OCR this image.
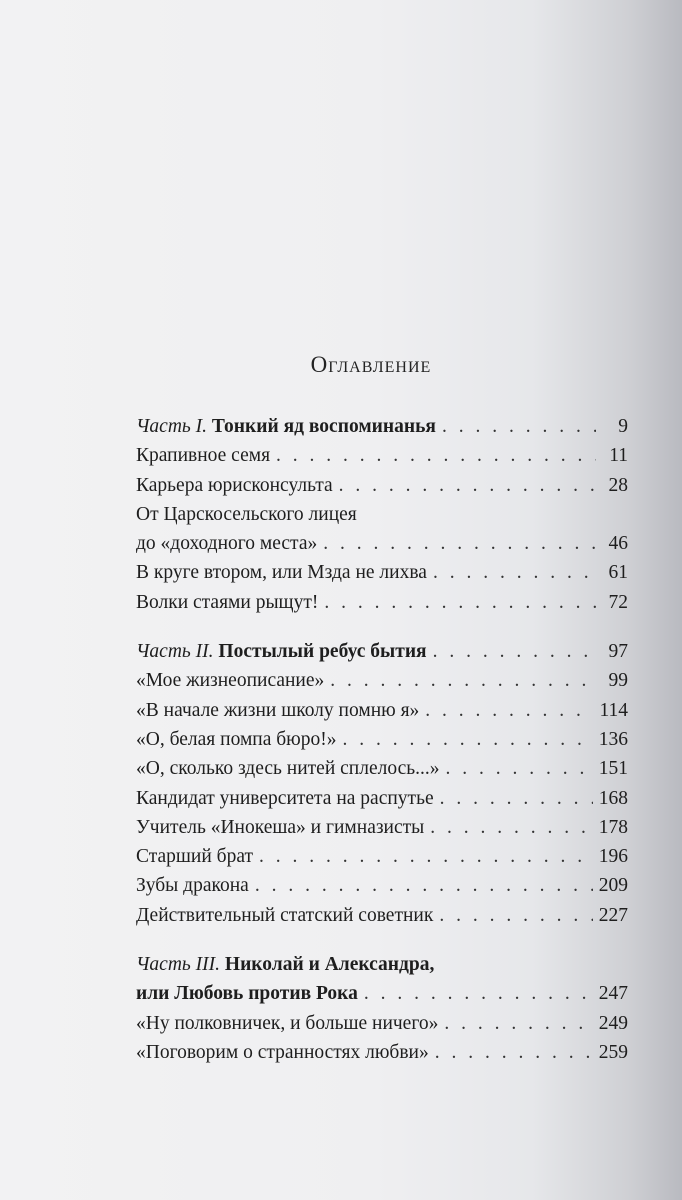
Оглавление
Часть I. Тонкий яд воспоминанья . . .	9
Крапивное семя . . .	11
Карьера юрисконсульта . . .	28
От Царскосельского лицея
до «доходного места» . . .	46
В круге втором, или Мзда не лихва . . .	61
Волки стаями рыщут! . . .	72
Часть II. Постылый ребус бытия . . .	97
«Мое жизнеописание» . . .	99
«В начале жизни школу помню я» . . .	114
«О, белая помпа бюро!» . . .	136
«О, сколько здесь нитей сплелось...» . . .	151
Кандидат университета на распутье . . .	168
Учитель «Инокеша» и гимназисты . . .	178
Старший брат . . .	196
Зубы дракона . . .	209
Действительный статский советник . . .	227
Часть III. Николай и Александра,
или Любовь против Рока . . .	247
«Ну полковничек, и больше ничего» . . .	249
«Поговорим о странностях любви» . . .	259
